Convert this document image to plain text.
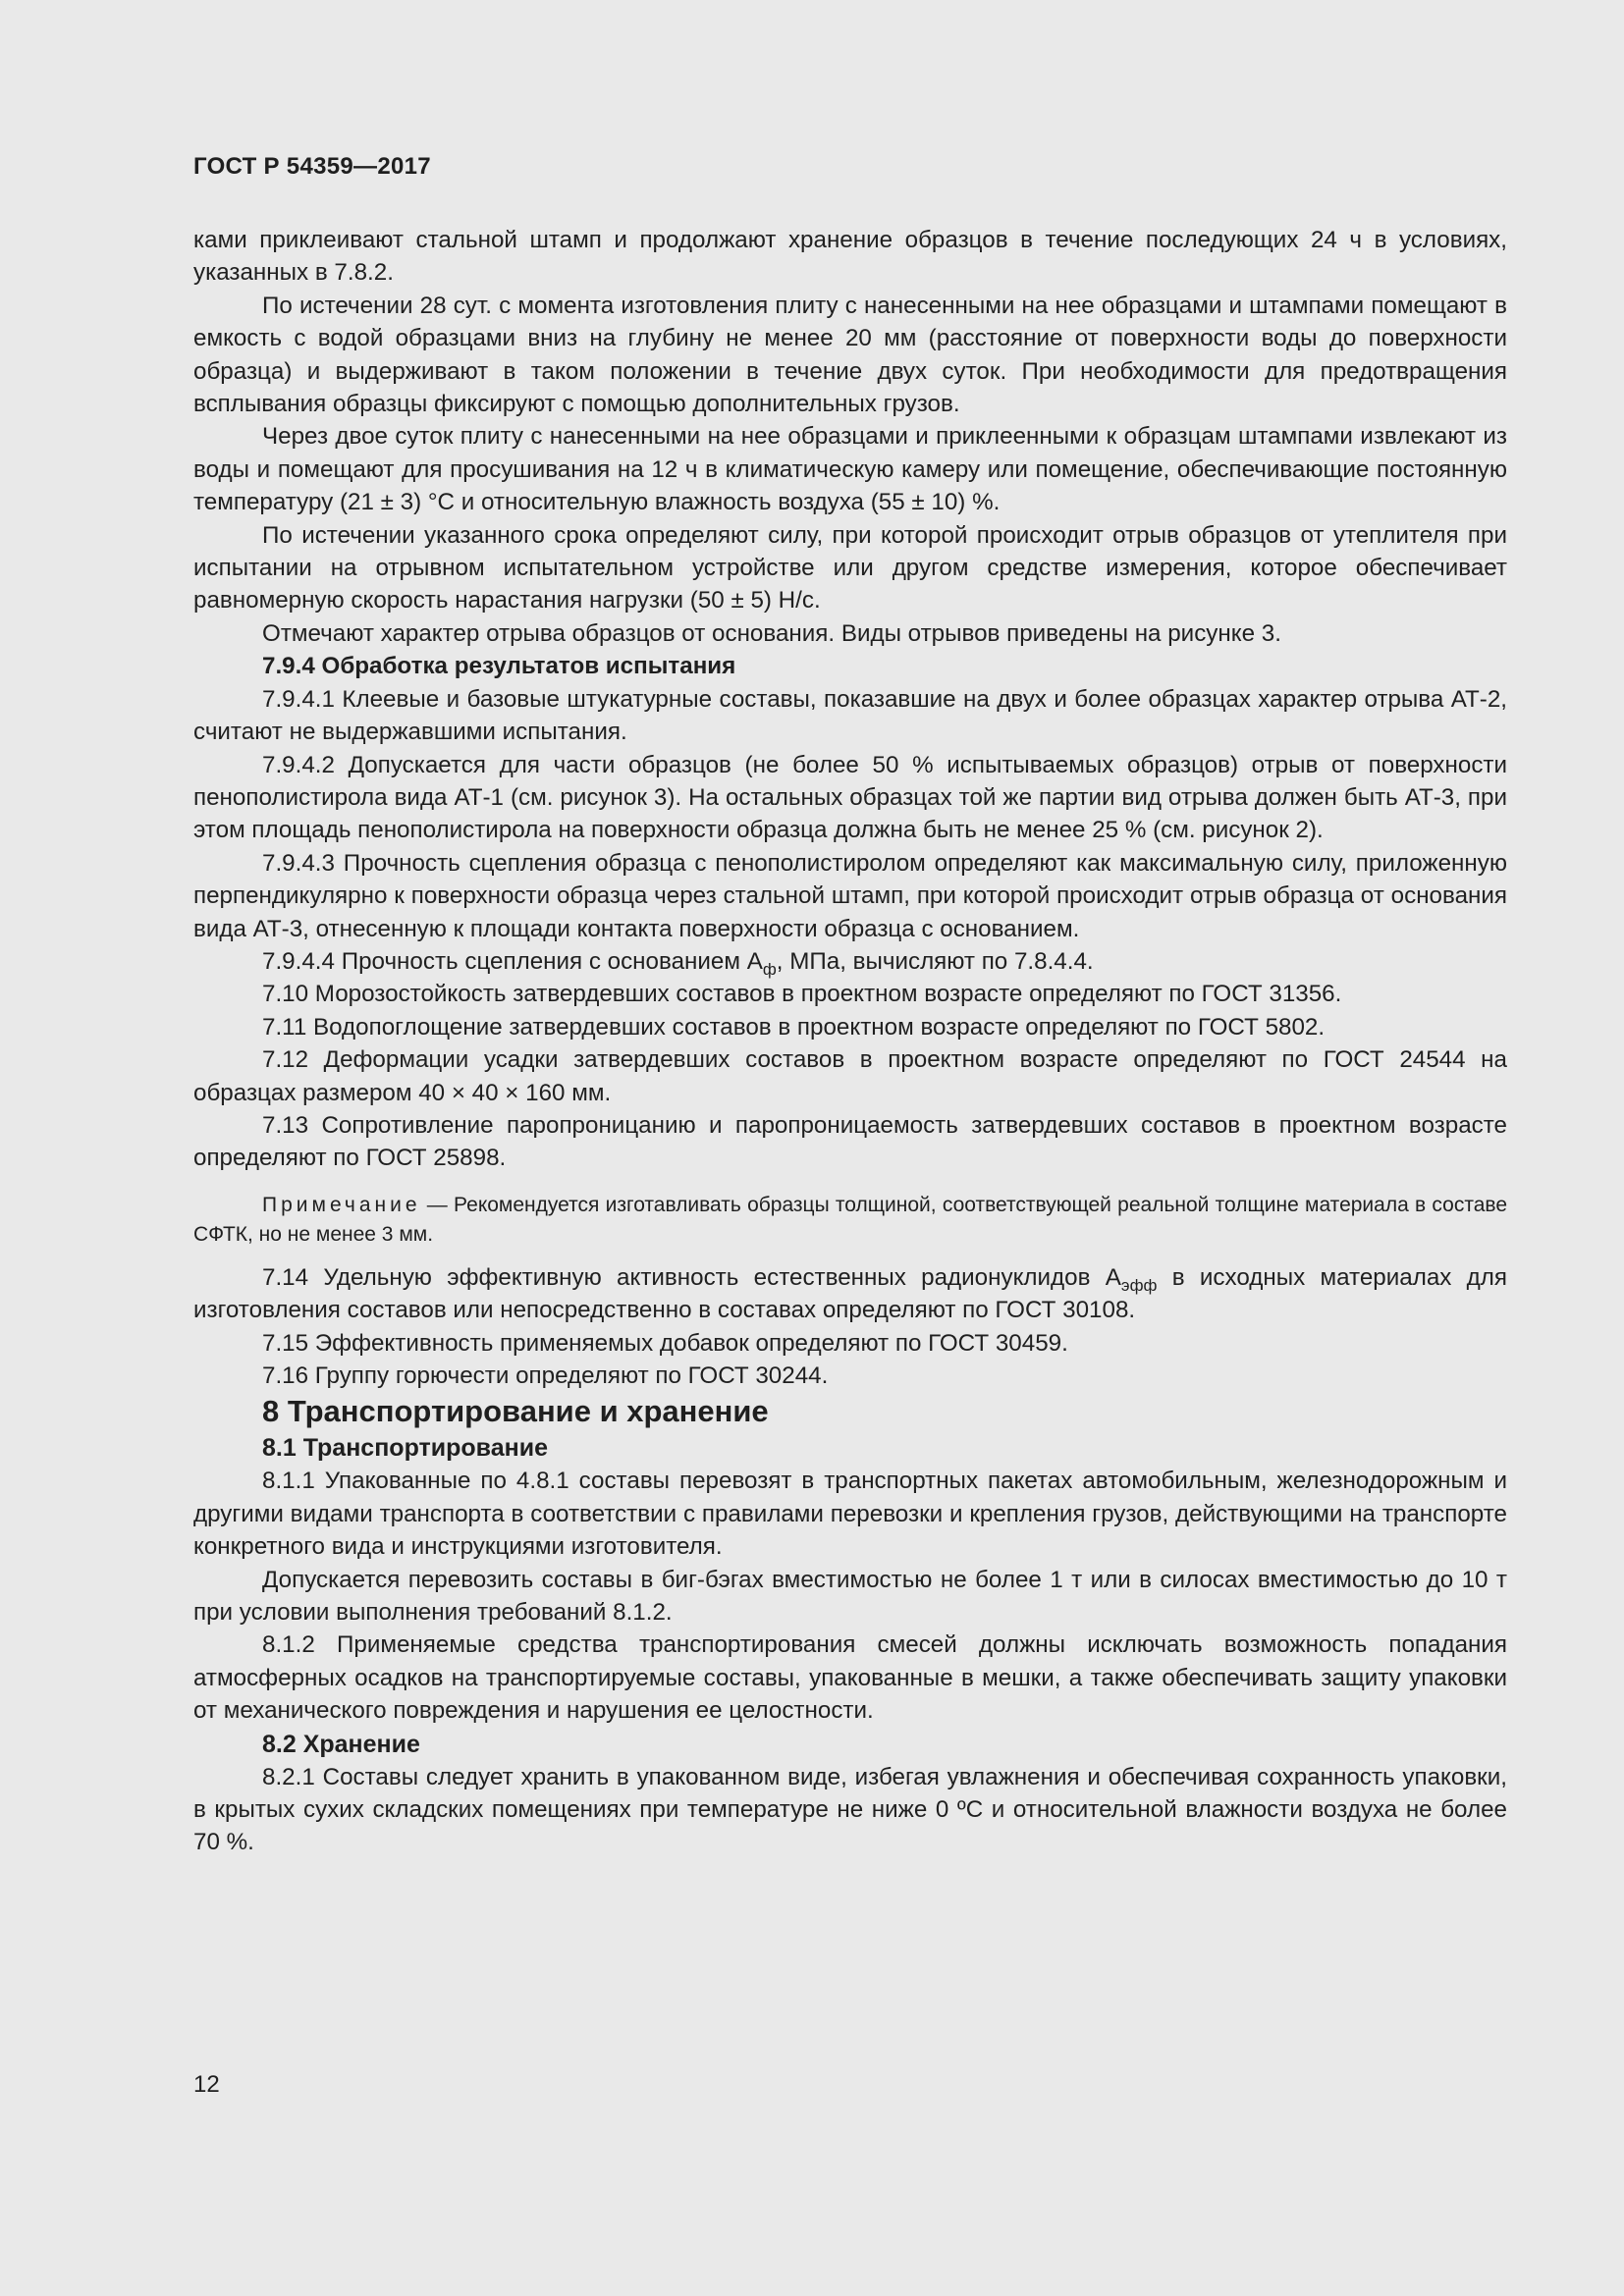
ГОСТ Р 54359—2017

ками приклеивают стальной штамп и продолжают хранение образцов в течение последующих 24 ч в условиях, указанных в 7.8.2.

По истечении 28 сут. с момента изготовления плиту с нанесенными на нее образцами и штампами помещают в емкость с водой образцами вниз на глубину не менее 20 мм (расстояние от поверхности воды до поверхности образца) и выдерживают в таком положении в течение двух суток. При необходимости для предотвращения всплывания образцы фиксируют с помощью дополнительных грузов.

Через двое суток плиту с нанесенными на нее образцами и приклеенными к образцам штампами извлекают из воды и помещают для просушивания на 12 ч в климатическую камеру или помещение, обеспечивающие постоянную температуру (21 ± 3) °С и относительную влажность воздуха (55 ± 10) %.

По истечении указанного срока определяют силу, при которой происходит отрыв образцов от утеплителя при испытании на отрывном испытательном устройстве или другом средстве измерения, которое обеспечивает равномерную скорость нарастания нагрузки (50 ± 5) Н/с.

Отмечают характер отрыва образцов от основания. Виды отрывов приведены на рисунке 3.

7.9.4 Обработка результатов испытания

7.9.4.1 Клеевые и базовые штукатурные составы, показавшие на двух и более образцах характер отрыва АТ-2, считают не выдержавшими испытания.

7.9.4.2 Допускается для части образцов (не более 50 % испытываемых образцов) отрыв от поверхности пенополистирола вида АТ-1 (см. рисунок 3). На остальных образцах той же партии вид отрыва должен быть АТ-3, при этом площадь пенополистирола на поверхности образца должна быть не менее 25 % (см. рисунок 2).

7.9.4.3 Прочность сцепления образца с пенополистиролом определяют как максимальную силу, приложенную перпендикулярно к поверхности образца через стальной штамп, при которой происходит отрыв образца от основания вида АТ-3, отнесенную к площади контакта поверхности образца с основанием.

7.9.4.4 Прочность сцепления с основанием $А_ф$, МПа, вычисляют по 7.8.4.4.

7.10 Морозостойкость затвердевших составов в проектном возрасте определяют по ГОСТ 31356.

7.11 Водопоглощение затвердевших составов в проектном возрасте определяют по ГОСТ 5802.

7.12 Деформации усадки затвердевших составов в проектном возрасте определяют по ГОСТ 24544 на образцах размером 40 × 40 × 160 мм.

7.13 Сопротивление паропроницанию и паропроницаемость затвердевших составов в проектном возрасте определяют по ГОСТ 25898.

Примечание — Рекомендуется изготавливать образцы толщиной, соответствующей реальной толщине материала в составе СФТК, но не менее 3 мм.

7.14 Удельную эффективную активность естественных радионуклидов $А_{эфф}$ в исходных материалах для изготовления составов или непосредственно в составах определяют по ГОСТ 30108.

7.15 Эффективность применяемых добавок определяют по ГОСТ 30459.

7.16 Группу горючести определяют по ГОСТ 30244.

8 Транспортирование и хранение

8.1 Транспортирование

8.1.1 Упакованные по 4.8.1 составы перевозят в транспортных пакетах автомобильным, железнодорожным и другими видами транспорта в соответствии с правилами перевозки и крепления грузов, действующими на транспорте конкретного вида и инструкциями изготовителя.

Допускается перевозить составы в биг-бэгах вместимостью не более 1 т или в силосах вместимостью до 10 т при условии выполнения требований 8.1.2.

8.1.2 Применяемые средства транспортирования смесей должны исключать возможность попадания атмосферных осадков на транспортируемые составы, упакованные в мешки, а также обеспечивать защиту упаковки от механического повреждения и нарушения ее целостности.

8.2 Хранение

8.2.1 Составы следует хранить в упакованном виде, избегая увлажнения и обеспечивая сохранность упаковки, в крытых сухих складских помещениях при температуре не ниже 0 ºС и относительной влажности воздуха не более 70 %.

12
